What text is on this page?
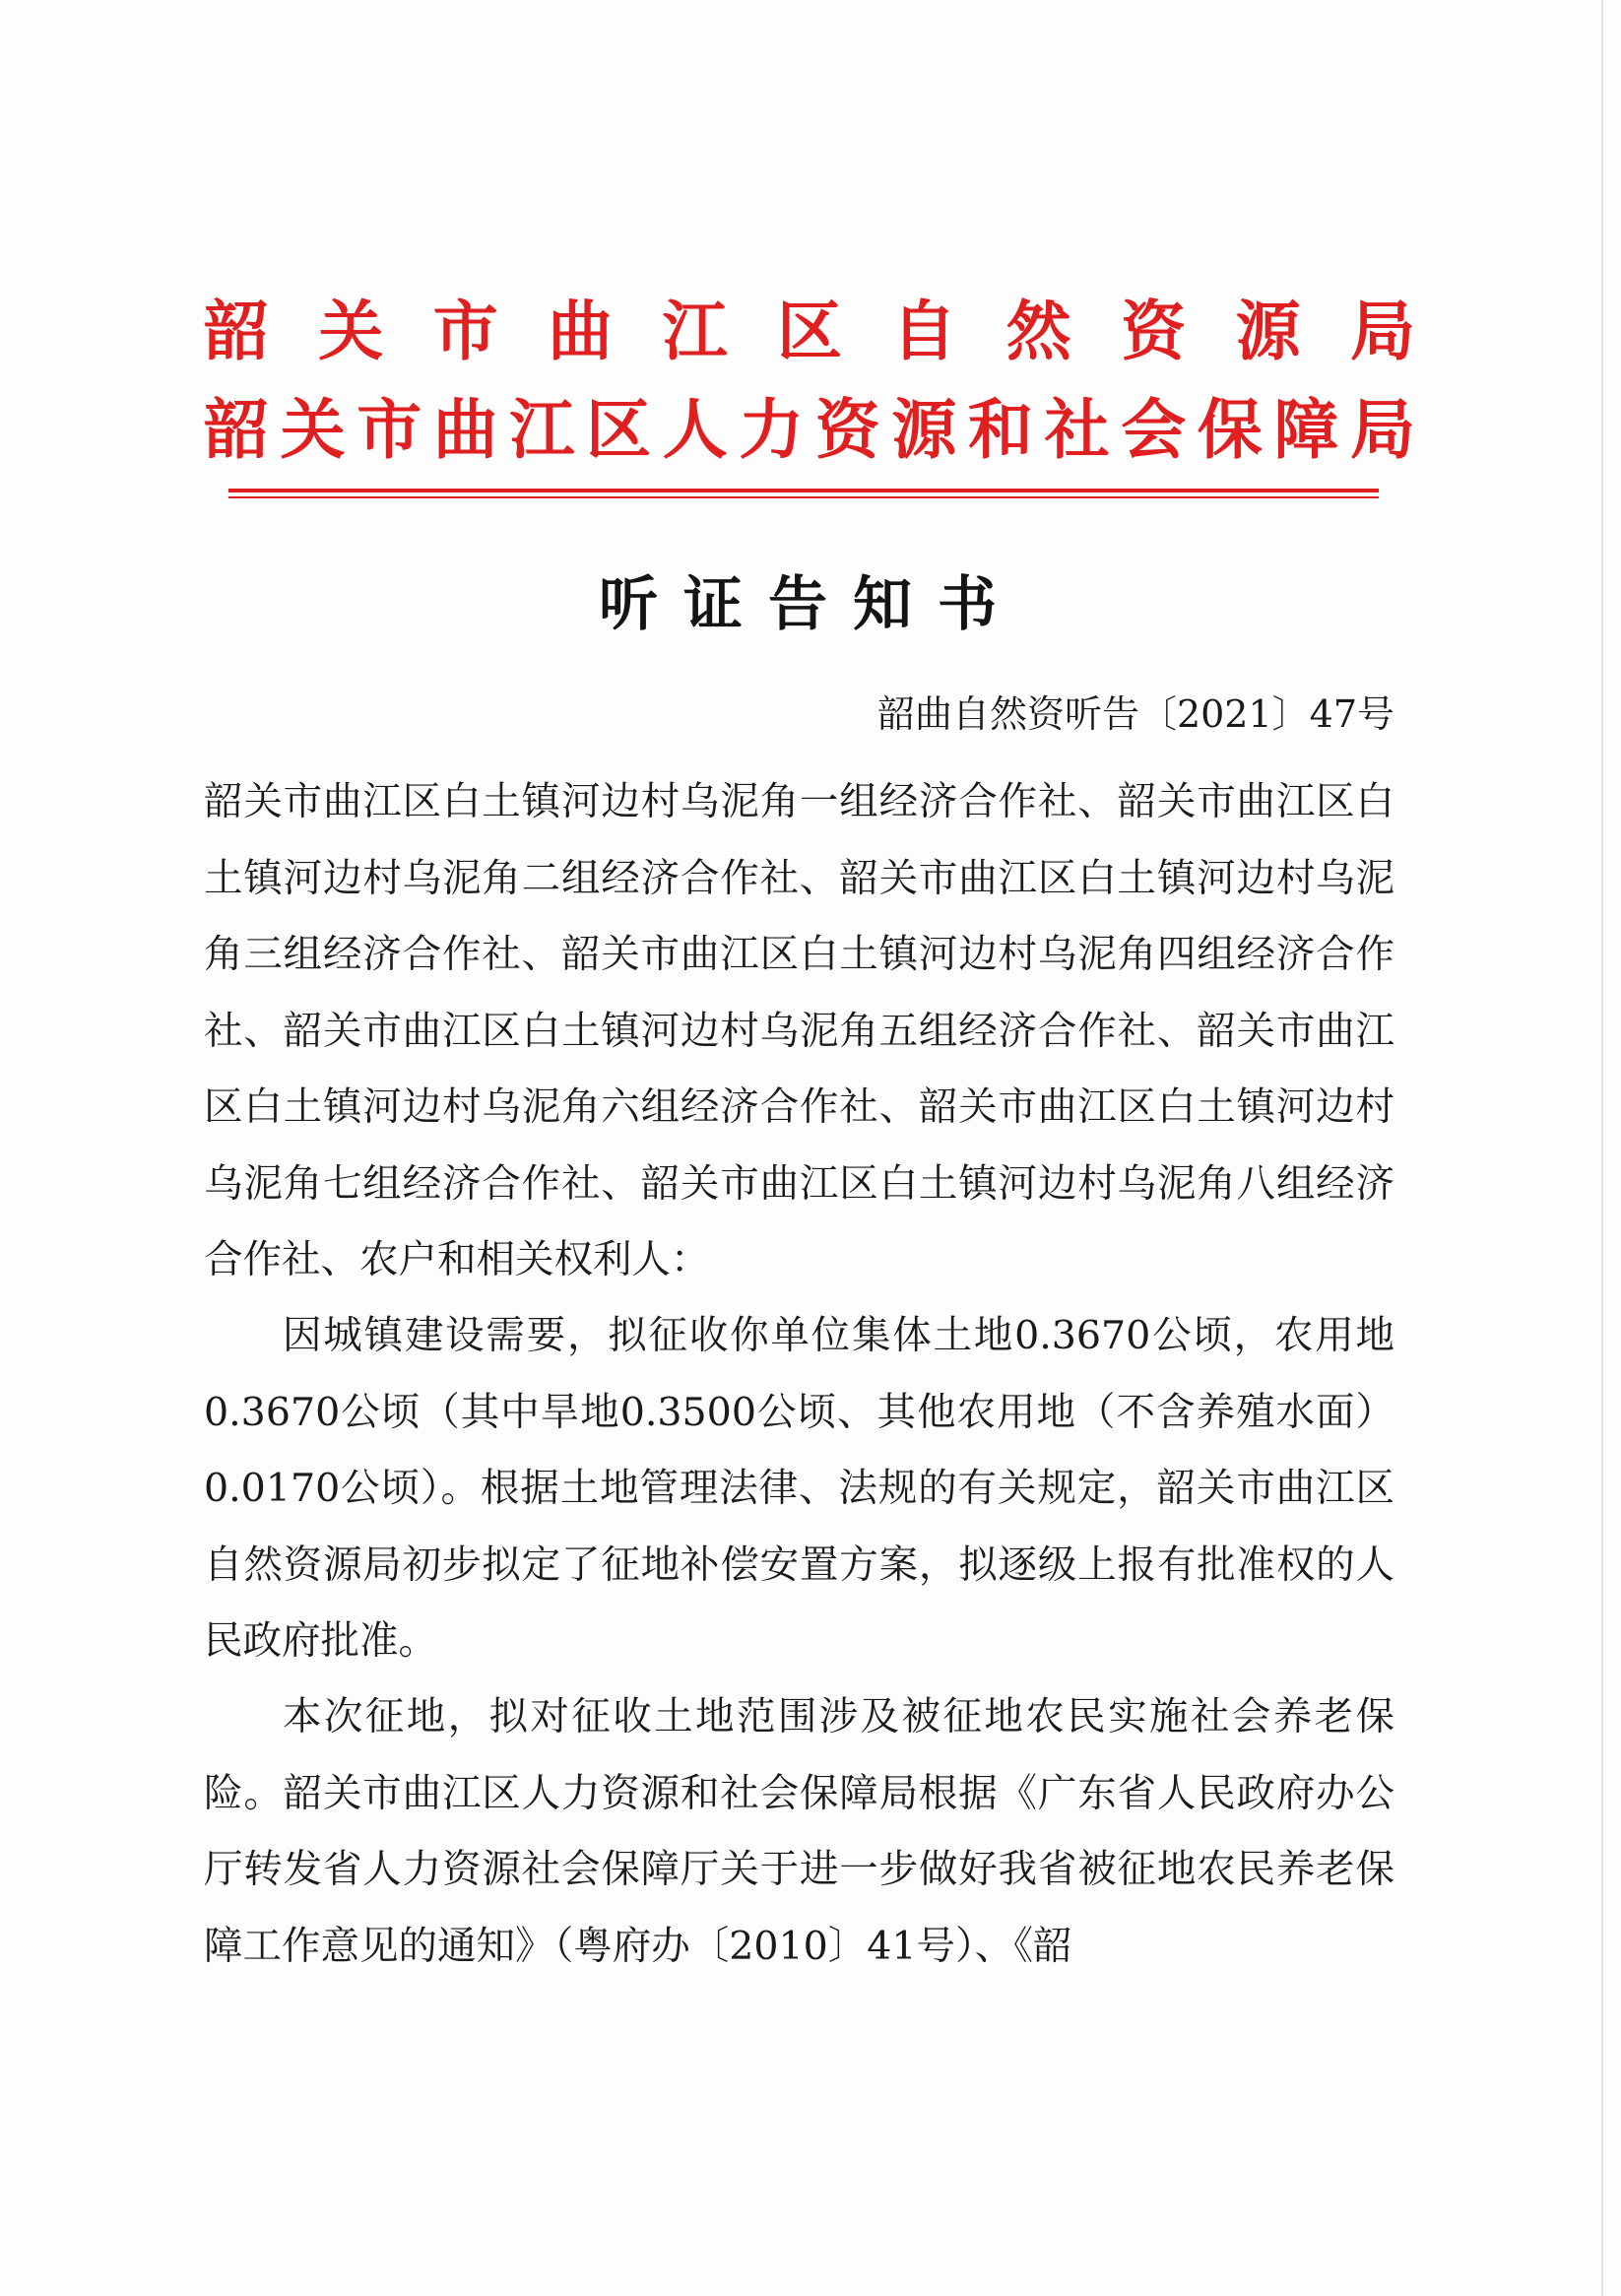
韶关市曲江区自然资源局
韶关市曲江区人力资源和社会保障局
听证告知书
韶曲自然资听告〔2021〕47号
韶关市曲江区白土镇河边村乌泥角一组经济合作社、韶关市曲江区白土镇河边村乌泥角二组经济合作社、韶关市曲江区白土镇河边村乌泥角三组经济合作社、韶关市曲江区白土镇河边村乌泥角四组经济合作社、韶关市曲江区白土镇河边村乌泥角五组经济合作社、韶关市曲江区白土镇河边村乌泥角六组经济合作社、韶关市曲江区白土镇河边村乌泥角七组经济合作社、韶关市曲江区白土镇河边村乌泥角八组经济合作社、农户和相关权利人：
因城镇建设需要，拟征收你单位集体土地0.3670公顷，农用地0.3670公顷（其中旱地0.3500公顷、其他农用地（不含养殖水面）0.0170公顷）。根据土地管理法律、法规的有关规定，韶关市曲江区自然资源局初步拟定了征地补偿安置方案，拟逐级上报有批准权的人民政府批准。
本次征地，拟对征收土地范围涉及被征地农民实施社会养老保险。韶关市曲江区人力资源和社会保障局根据《广东省人民政府办公厅转发省人力资源社会保障厅关于进一步做好我省被征地农民养老保障工作意见的通知》（粤府办〔2010〕41号）、《韶
